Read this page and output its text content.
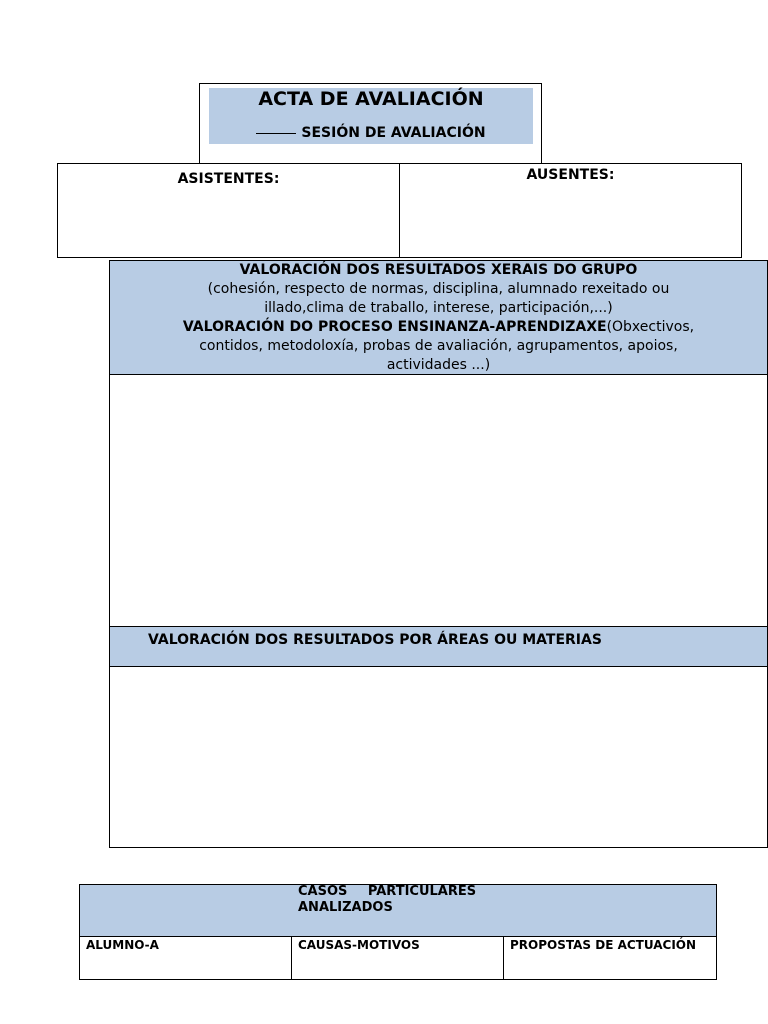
ACTA DE AVALIACIÓN
SESIÓN DE AVALIACIÓN
ASISTENTES:	AUSENTES:
VALORACIÓN DOS RESULTADOS XERAIS DO GRUPO
(cohesión, respecto de normas, disciplina, alumnado rexeitado ou illado,clima de traballo, interese, participación,...)
VALORACIÓN DO PROCESO ENSINANZA-APRENDIZAXE(Obxectivos, contidos, metodoloxía, probas de avaliación, agrupamentos, apoios, actividades ...)
VALORACIÓN DOS RESULTADOS POR ÁREAS OU MATERIAS
CASOS PARTICULARES ANALIZADOS
ALUMNO-A	CAUSAS-MOTIVOS	PROPOSTAS DE ACTUACIÓN
